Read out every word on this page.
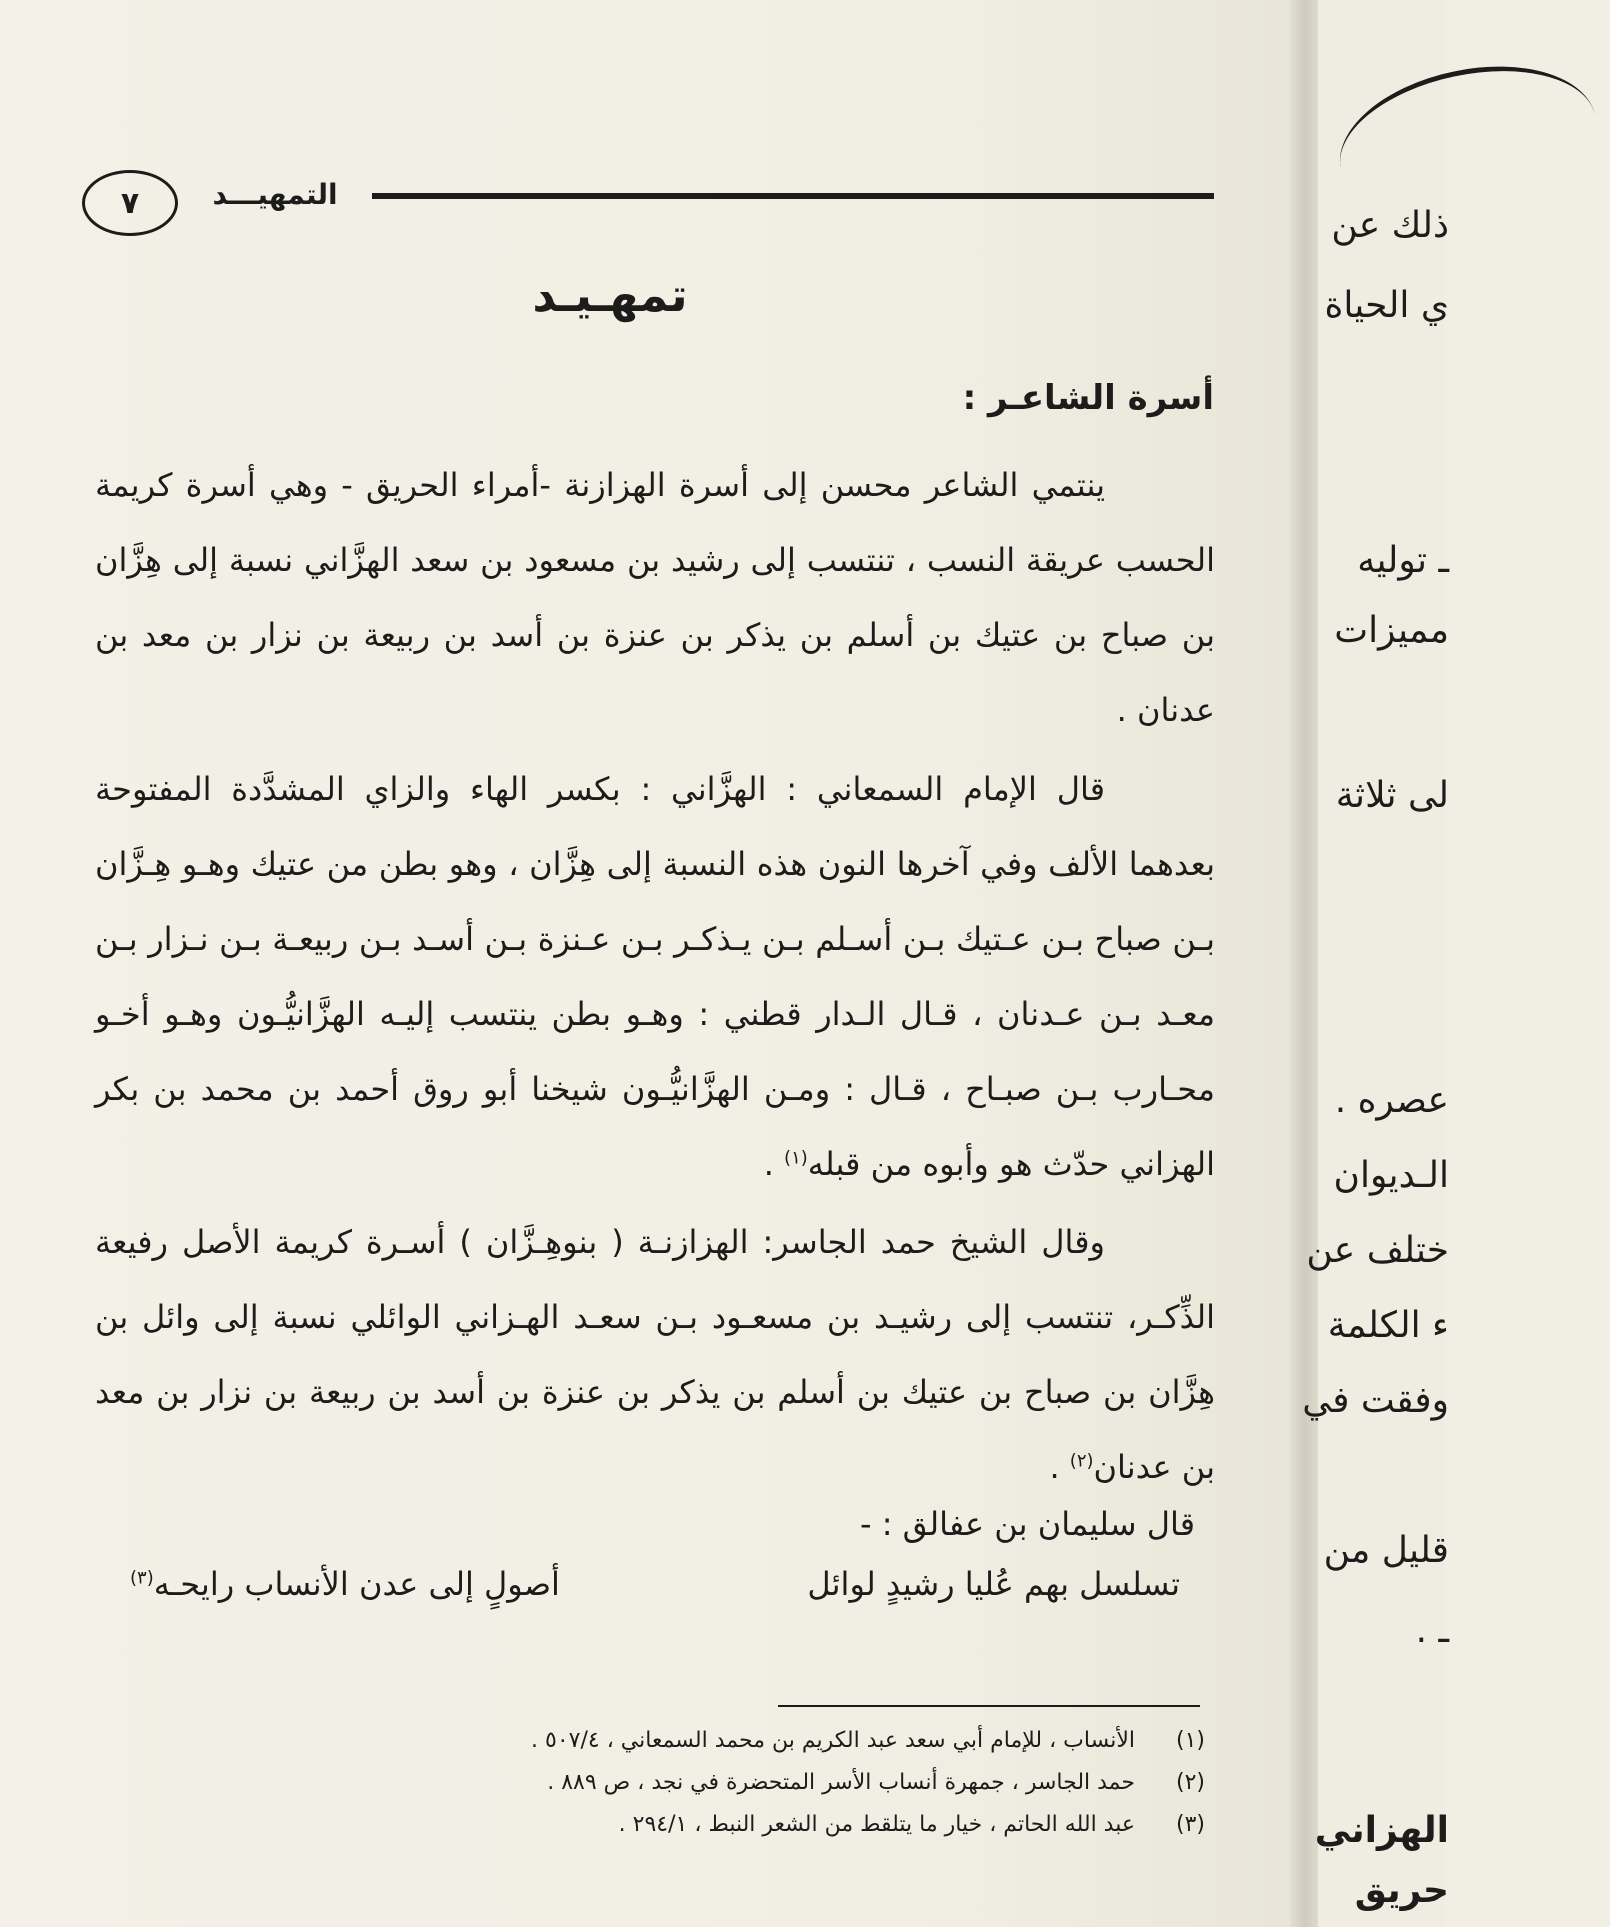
التمهيـــد
٧
تمهـيـد
أسرة الشاعـر :

ينتمي الشاعر محسن إلى أسرة الهزازنة -أمراء الحريق - وهي أسرة كريمة الحسب عريقة النسب ، تنتسب إلى رشيد بن مسعود بن سعد الهزَّاني نسبة إلى هِزَّان بن صباح بن عتيك بن أسلم بن يذكر بن عنزة بن أسد بن ربيعة بن نزار بن معد بن عدنان .

قال الإمام السمعاني : الهزَّاني : بكسر الهاء والزاي المشدَّدة المفتوحة بعدهما الألف وفي آخرها النون هذه النسبة إلى هِزَّان ، وهو بطن من عتيك وهـو هِـزَّان بـن صباح بـن عـتيك بـن أسـلم بـن يـذكـر بـن عـنزة بـن أسـد بـن ربيعـة بـن نـزار بـن معـد بـن عـدنان ، قـال الـدار قطني : وهـو بطن ينتسب إليـه الهزَّانيُّـون وهـو أخـو محـارب بـن صبـاح ، قـال : ومـن الهزَّانيُّـون شيخنا أبو روق أحمد بن محمد بن بكر الهزاني حدّث هو وأبوه من قبله$^{(١)}$ .

وقال الشيخ حمد الجاسر: الهزازنـة ( بنوهِـزَّان ) أسـرة كريمة الأصل رفيعة الذِّكـر، تنتسب إلى رشيـد بن مسعـود بـن سعـد الهـزاني الوائلي نسبة إلى وائل بن هِزَّان بن صباح بن عتيك بن أسلم بن يذكر بن عنزة بن أسد بن ربيعة بن نزار بن معد بن عدنان$^{(٢)}$ .

قال سليمان بن عفالق : -
تسلسل بهم عُليا رشيدٍ لوائل
أصولٍ إلى عدن الأنساب رايحـه$^{(٣)}$
(١)
الأنساب ، للإمام أبي سعد عبد الكريم بن محمد السمعاني ، ٥٠٧/٤ .
(٢)
حمد الجاسر ، جمهرة أنساب الأسر المتحضرة في نجد ، ص ٨٨٩ .
(٣)
عبد الله الحاتم ، خيار ما يتلقط من الشعر النبط ، ٢٩٤/١ .
ذلك عن
ي الحياة
ـ توليه
مميزات
لى ثلاثة
عصره .
الـديوان
ختلف عن
ء الكلمة
وفقت في
قليل من
ـ .
الهزاني
حريق
